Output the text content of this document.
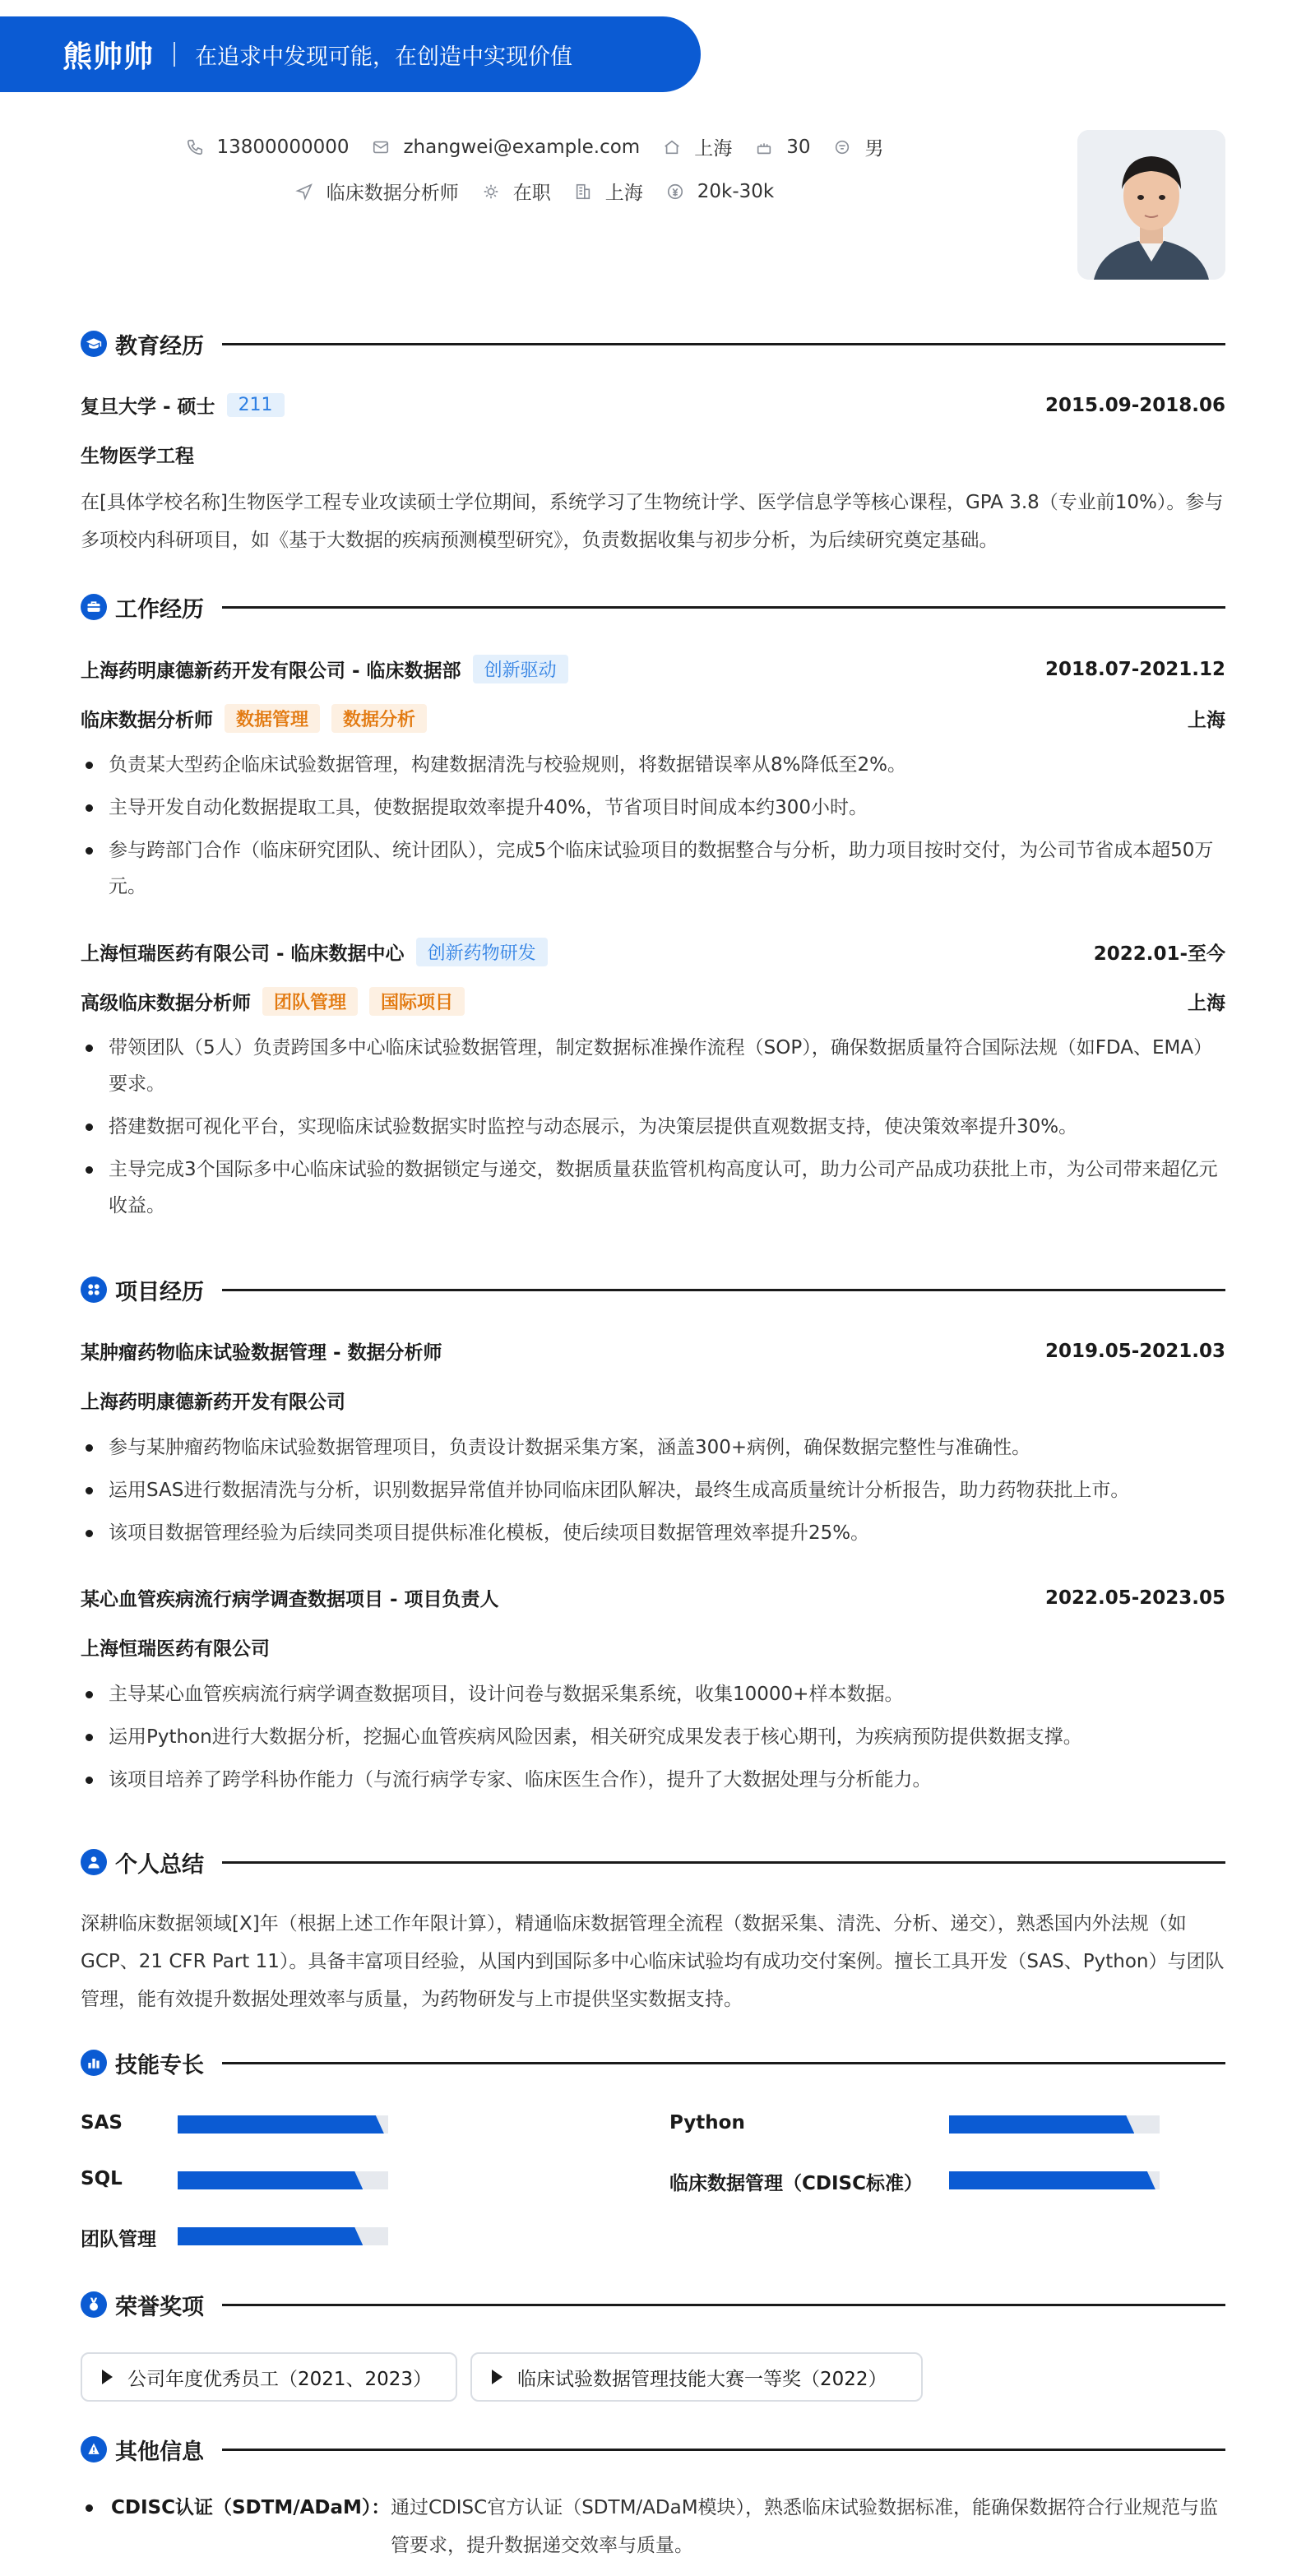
熊帅帅 在追求中发现可能，在创造中实现价值
13800000000	zhangwei@example.com	上海	30	男
临床数据分析师	在职	上海	20k-30k
教育经历
复旦大学 - 硕士	211	2015.09-2018.06
生物医学工程

在[具体学校名称]生物医学工程专业攻读硕士学位期间，系统学习了生物统计学、医学信息学等核心课程，GPA 3.8（专业前10%）。参与多项校内科研项目，如《基于大数据的疾病预测模型研究》，负责数据收集与初步分析，为后续研究奠定基础。

工作经历
上海药明康德新药开发有限公司 - 临床数据部	创新驱动	2018.07-2021.12
临床数据分析师	数据管理	数据分析	上海
负责某大型药企临床试验数据管理，构建数据清洗与校验规则，将数据错误率从8%降低至2%。
主导开发自动化数据提取工具，使数据提取效率提升40%，节省项目时间成本约300小时。
参与跨部门合作（临床研究团队、统计团队），完成5个临床试验项目的数据整合与分析，助力项目按时交付，为公司节省成本超50万元。
上海恒瑞医药有限公司 - 临床数据中心	创新药物研发	2022.01-至今
高级临床数据分析师	团队管理	国际项目	上海
带领团队（5人）负责跨国多中心临床试验数据管理，制定数据标准操作流程（SOP），确保数据质量符合国际法规（如FDA、EMA）要求。
搭建数据可视化平台，实现临床试验数据实时监控与动态展示，为决策层提供直观数据支持，使决策效率提升30%。
主导完成3个国际多中心临床试验的数据锁定与递交，数据质量获监管机构高度认可，助力公司产品成功获批上市，为公司带来超亿元收益。
项目经历
某肿瘤药物临床试验数据管理 - 数据分析师	2019.05-2021.03
上海药明康德新药开发有限公司
参与某肿瘤药物临床试验数据管理项目，负责设计数据采集方案，涵盖300+病例，确保数据完整性与准确性。
运用SAS进行数据清洗与分析，识别数据异常值并协同临床团队解决，最终生成高质量统计分析报告，助力药物获批上市。
该项目数据管理经验为后续同类项目提供标准化模板，使后续项目数据管理效率提升25%。
某心血管疾病流行病学调查数据项目 - 项目负责人	2022.05-2023.05
上海恒瑞医药有限公司
主导某心血管疾病流行病学调查数据项目，设计问卷与数据采集系统，收集10000+样本数据。
运用Python进行大数据分析，挖掘心血管疾病风险因素，相关研究成果发表于核心期刊，为疾病预防提供数据支撑。
该项目培养了跨学科协作能力（与流行病学专家、临床医生合作），提升了大数据处理与分析能力。
个人总结

深耕临床数据领域[X]年（根据上述工作年限计算），精通临床数据管理全流程（数据采集、清洗、分析、递交），熟悉国内外法规（如GCP、21 CFR Part 11）。具备丰富项目经验，从国内到国际多中心临床试验均有成功交付案例。擅长工具开发（SAS、Python）与团队管理，能有效提升数据处理效率与质量，为药物研发与上市提供坚实数据支持。

技能专长
SAS	Python
SQL	临床数据管理（CDISC标准）
团队管理
荣誉奖项
公司年度优秀员工（2021、2023）	临床试验数据管理技能大赛一等奖（2022）
其他信息
CDISC认证（SDTM/ADaM）： 通过CDISC官方认证（SDTM/ADaM模块），熟悉临床试验数据标准，能确保数据符合行业规范与监管要求，提升数据递交效率与质量。
